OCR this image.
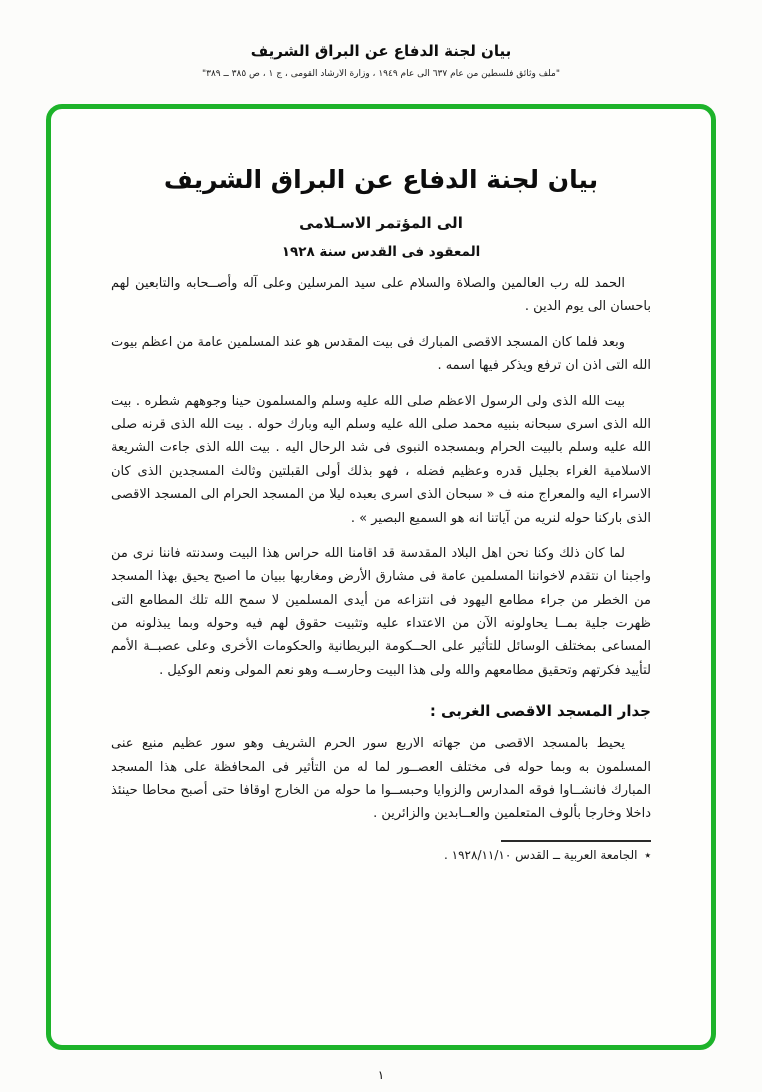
بيان لجنة الدفاع عن البراق الشريف
"ملف وثائق فلسطين من عام ٦٣٧ الى عام ١٩٤٩ ، وزارة الارشاد القومى ، ج ١ ، ص ٣٨٥ ــ ٣٨٩"
بيان لجنة الدفاع عن البراق الشريف
الى المؤتمر الاسـلامى
المعقود فى القدس سنة ١٩٢٨

الحمد لله رب العالمين والصلاة والسلام على سيد المرسلين وعلى آله وأصــحابه والتابعين لهم باحسان الى يوم الدين .

وبعد فلما كان المسجد الاقصى المبارك فى بيت المقدس هو عند المسلمين عامة من اعظم بيوت الله التى اذن ان ترفع ويذكر فيها اسمه .

بيت الله الذى ولى الرسول الاعظم صلى الله عليه وسلم والمسلمون حينا وجوههم شطره . بيت الله الذى اسرى سبحانه بنبيه محمد صلى الله عليه وسلم اليه وبارك حوله . بيت الله الذى قرنه صلى الله عليه وسلم بالبيت الحرام وبمسجده النبوى فى شد الرحال اليه . بيت الله الذى جاءت الشريعة الاسلامية الغراء بجليل قدره وعظيم فضله ، فهو بذلك أولى القبلتين وثالث المسجدين الذى كان الاسراء اليه والمعراج منه ف « سبحان الذى اسرى بعبده ليلا من المسجد الحرام الى المسجد الاقصى الذى باركنا حوله لنريه من آياتنا انه هو السميع البصير » .

لما كان ذلك وكنا نحن اهل البلاد المقدسة قد اقامنا الله حراس هذا البيت وسدنته فاننا نرى من واجبنا ان نتقدم لاخواننا المسلمين عامة فى مشارق الأرض ومغاربها ببيان ما اصبح يحيق بهذا المسجد من الخطر من جراء مطامع اليهود فى انتزاعه من أيدى المسلمين لا سمح الله تلك المطامع التى ظهرت جلية بمــا يحاولونه الآن من الاعتداء عليه وتثبيت حقوق لهم فيه وحوله وبما يبذلونه من المساعى بمختلف الوسائل للتأثير على الحــكومة البريطانية والحكومات الأخرى وعلى عصبــة الأمم لتأييد فكرتهم وتحقيق مطامعهم والله ولى هذا البيت وحارســه وهو نعم المولى ونعم الوكيل .

جدار المسجد الاقصى الغربى :

يحيط بالمسجد الاقصى من جهاته الاربع سور الحرم الشريف وهو سور عظيم منيع عنى المسلمون به وبما حوله فى مختلف العصــور لما له من التأثير فى المحافظة على هذا المسجد المبارك فانشــاوا فوقه المدارس والزوايا وحبســوا ما حوله من الخارج اوقافا حتى أصبح محاطا حينئذ داخلا وخارجا بألوف المتعلمين والعــابدين والزائرين .

٭الجامعة العربية ــ القدس ١٩٢٨/١١/١٠ .
١
